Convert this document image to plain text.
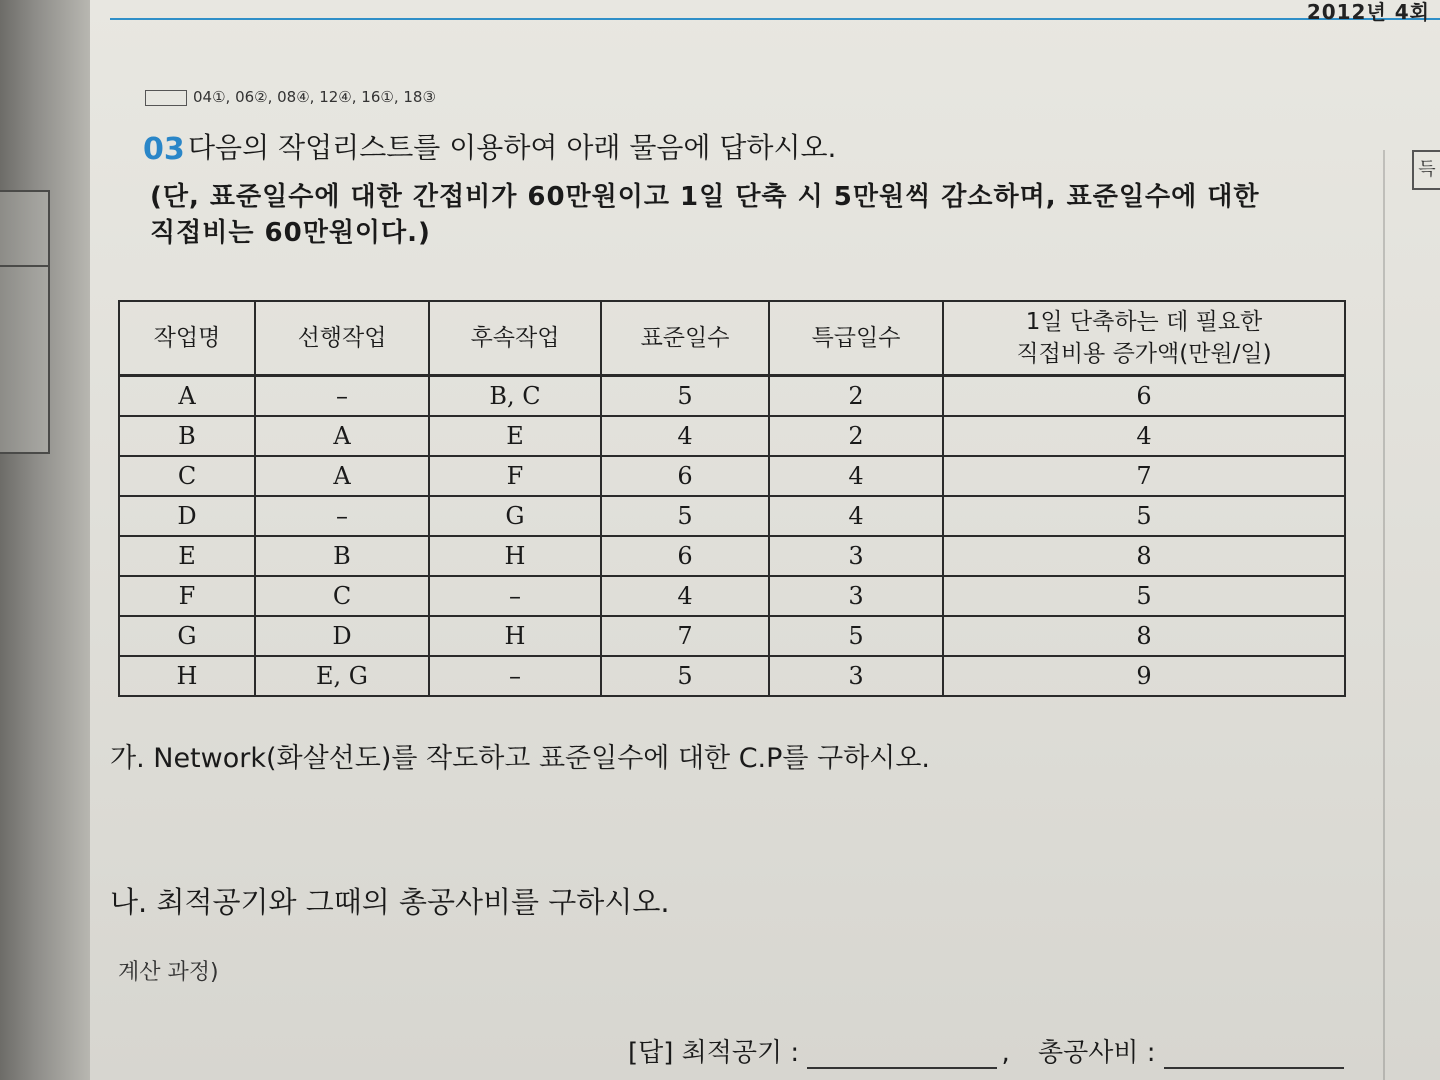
2012년 4회
득
04①, 06②, 08④, 12④, 16①, 18③
03 다음의 작업리스트를 이용하여 아래 물음에 답하시오.
(단, 표준일수에 대한 간접비가 60만원이고 1일 단축 시 5만원씩 감소하며, 표준일수에 대한
직접비는 60만원이다.)
작업명	선행작업	후속작업	표준일수	특급일수	1일 단축하는 데 필요한
직접비용 증가액(만원/일)

A	–	B, C	5	2	6
B	A	E	4	2	4
C	A	F	6	4	7
D	–	G	5	4	5
E	B	H	6	3	8
F	C	–	4	3	5
G	D	H	7	5	8
H	E, G	–	5	3	9
가. Network(화살선도)를 작도하고 표준일수에 대한 C.P를 구하시오.
나. 최적공기와 그때의 총공사비를 구하시오.
계산 과정)
[답] 최적공기 :	, 총공사비 :
